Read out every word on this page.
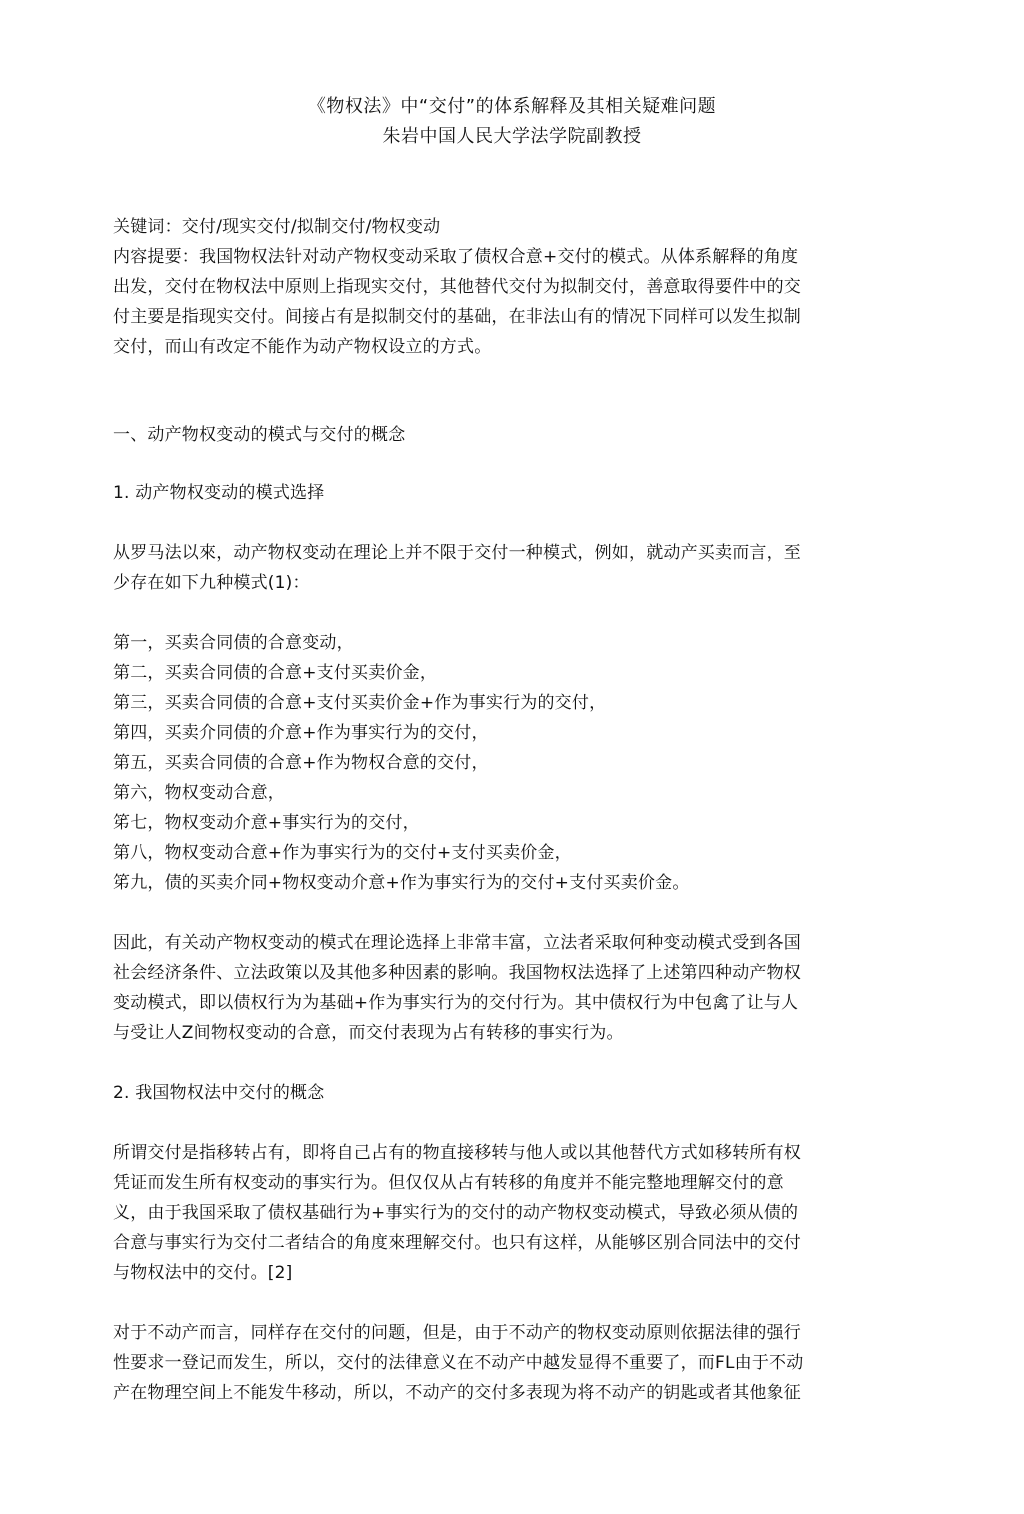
《物权法》中“交付”的体系解释及其相关疑难问题
朱岩中国人民大学法学院副教授
关键词：交付/现实交付/拟制交付/物权变动
内容提要：我国物权法针对动产物权变动采取了债权合意+交付的模式。从体系解释的角度
出发，交付在物权法中原则上指现实交付，其他替代交付为拟制交付，善意取得要件中的交
付主要是指现实交付。间接占有是拟制交付的基础，在非法山有的情况下同样可以发生拟制
交付，而山有改定不能作为动产物权设立的方式。
一、动产物权变动的模式与交付的概念
1. 动产物权变动的模式选择
从罗马法以來，动产物权变动在理论上并不限于交付一种模式，例如，就动产买卖而言，至
少存在如下九种模式(1)：
第一，买卖合同债的合意变动，
第二，买卖合同债的合意+支付买卖价金，
第三，买卖合同债的合意+支付买卖价金+作为事实行为的交付，
第四，买卖介同债的介意+作为事实行为的交付，
第五，买卖合同债的合意+作为物权合意的交付，
第六，物权变动合意，
笫七，物权变动介意+事实行为的交付，
第八，物权变动合意+作为事实行为的交付+支付买卖价金，
笫九，债的买卖介同+物权变动介意+作为事实行为的交付+支付买卖价金。
因此，有关动产物权变动的模式在理论选择上非常丰富，立法者采取何种变动模式受到各国
社会经济条件、立法政策以及其他多种因素的影响。我国物权法选择了上述第四种动产物权
变动模式，即以债权行为为基础+作为事实行为的交付行为。其中债权行为中包禽了让与人
与受让人Z间物权变动的合意，而交付表现为占有转移的事实行为。
2. 我国物权法中交付的概念
所谓交付是指移转占有，即将自己占有的物直接移转与他人或以其他替代方式如移转所有权
凭证而发生所有权变动的事实行为。但仅仅从占有转移的角度并不能完整地理解交付的意
义，由于我国采取了债权基础行为+事实行为的交付的动产物权变动模式，导致必须从债的
合意与事实行为交付二者结合的角度來理解交付。也只有这样，从能够区别合同法中的交付
与物权法中的交付。[2]
对于不动产而言，同样存在交付的问题，但是，由于不动产的物权变动原则依据法律的强行
性要求一登记而发生，所以，交付的法律意义在不动产中越发显得不重要了，而FL由于不动
产在物理空间上不能发牛移动，所以，不动产的交付多表现为将不动产的钥匙或者其他象征
